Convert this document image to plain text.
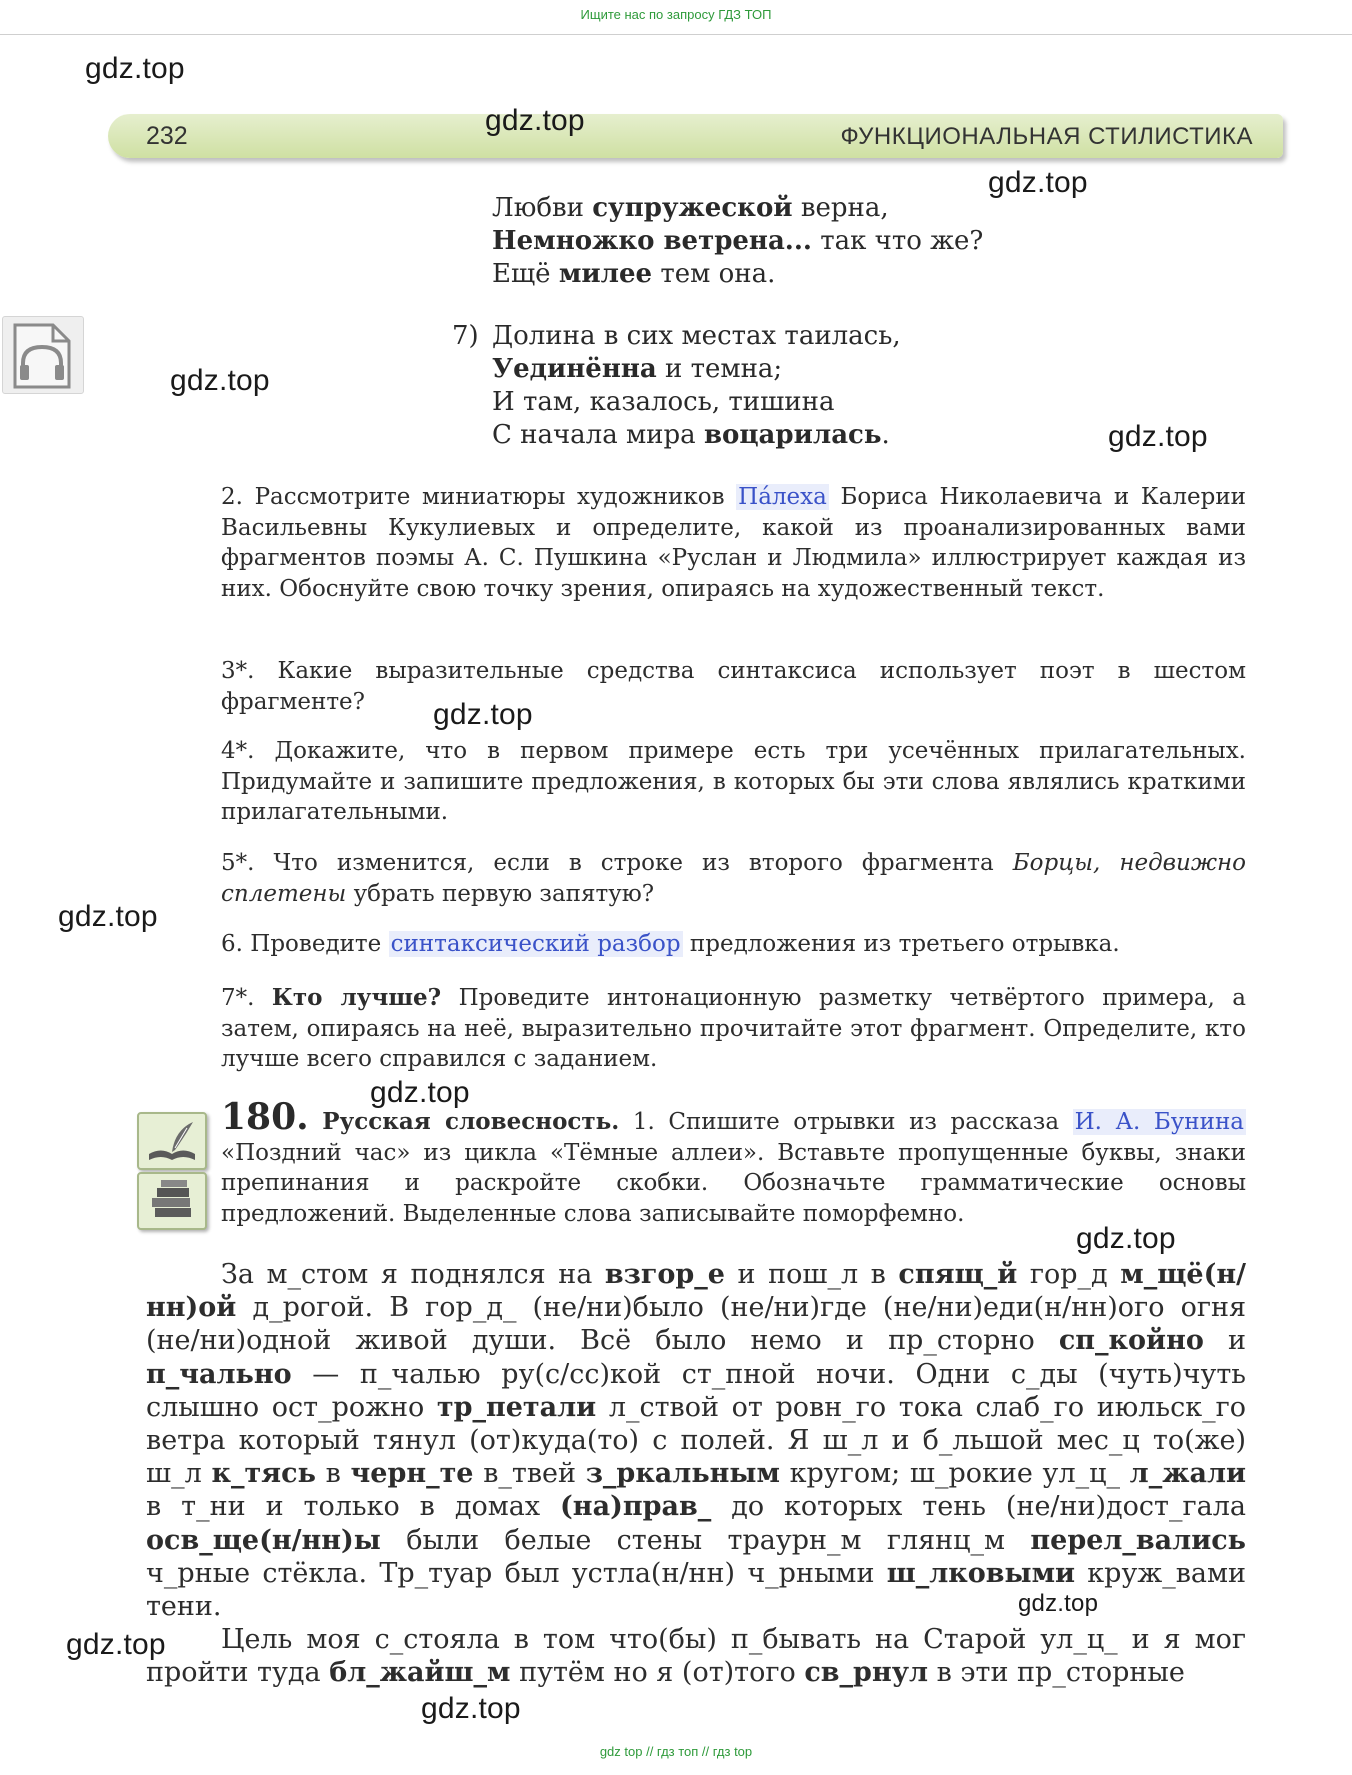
Ищите нас по запросу ГДЗ ТОП
232	ФУНКЦИОНАЛЬНАЯ СТИЛИСТИКА
Любви супружеской верна,
Немножко ветрена... так что же?
Ещё милее тем она.
7) Долина в сих местах таилась,
Уединённа и темна;
И там, казалось, тишина
С начала мира воцарилась.
2. Рассмотрите миниатюры художников Па́леха Бориса Николаевича и Калерии Васильевны Кукулиевых и определите, какой из проанализированных вами фрагментов поэмы А. С. Пушкина «Руслан и Людмила» иллюстрирует каждая из них. Обоснуйте свою точку зрения, опираясь на художественный текст.
3*. Какие выразительные средства синтаксиса использует поэт в шестом фрагменте?
4*. Докажите, что в первом примере есть три усечённых прилагательных. Придумайте и запишите предложения, в которых бы эти слова являлись краткими прилагательными.
5*. Что изменится, если в строке из второго фрагмента Борцы, недвижно сплетены убрать первую запятую?
6. Проведите синтаксический разбор предложения из третьего отрывка.
7*. Кто лучше? Проведите интонационную разметку четвёртого примера, а затем, опираясь на неё, выразительно прочитайте этот фрагмент. Определите, кто лучше всего справился с заданием.
180. Русская словесность. 1. Спишите отрывки из рассказа И. А. Бунина «Поздний час» из цикла «Тёмные аллеи». Вставьте пропущенные буквы, знаки препинания и раскройте скобки. Обозначьте грамматические основы предложений. Выделенные слова записывайте поморфемно.

За м_стом я поднялся на взгор_е и пош_л в спящ_й гор_д м_щё(н/нн)ой д_рогой. В гор_д_ (не/ни)было (не/ни)где (не/ни)еди(н/нн)ого огня (не/ни)одной живой души. Всё было немо и пр_сторно сп_койно и п_чально — п_чалью ру(с/сс)кой ст_пной ночи. Одни с_ды (чуть)чуть слышно ост_рожно тр_петали л_ствой от ровн_го тока слаб_го июльск_го ветра который тянул (от)куда(то) с полей. Я ш_л и б_льшой мес_ц то(же) ш_л к_тясь в черн_те в_твей з_ркальным кругом; ш_рокие ул_ц_ л_жали в т_ни и только в домах (на)прав_ до которых тень (не/ни)дост_гала осв_ще(н/нн)ы были белые стены траурн_м глянц_м перел_вались ч_рные стёкла. Тр_туар был устла(н/нн) ч_рными ш_лковыми круж_вами тени.

Цель моя с_стояла в том что(бы) п_бывать на Старой ул_ц_ и я мог пройти туда бл_жайш_м путём но я (от)того св_рнул в эти пр_сторные

gdz.top
gdz.top
gdz.top
gdz.top
gdz.top
gdz.top
gdz.top
gdz.top
gdz.top
gdz.top
gdz.top
gdz.top
gdz top // гдз топ // гдз top
